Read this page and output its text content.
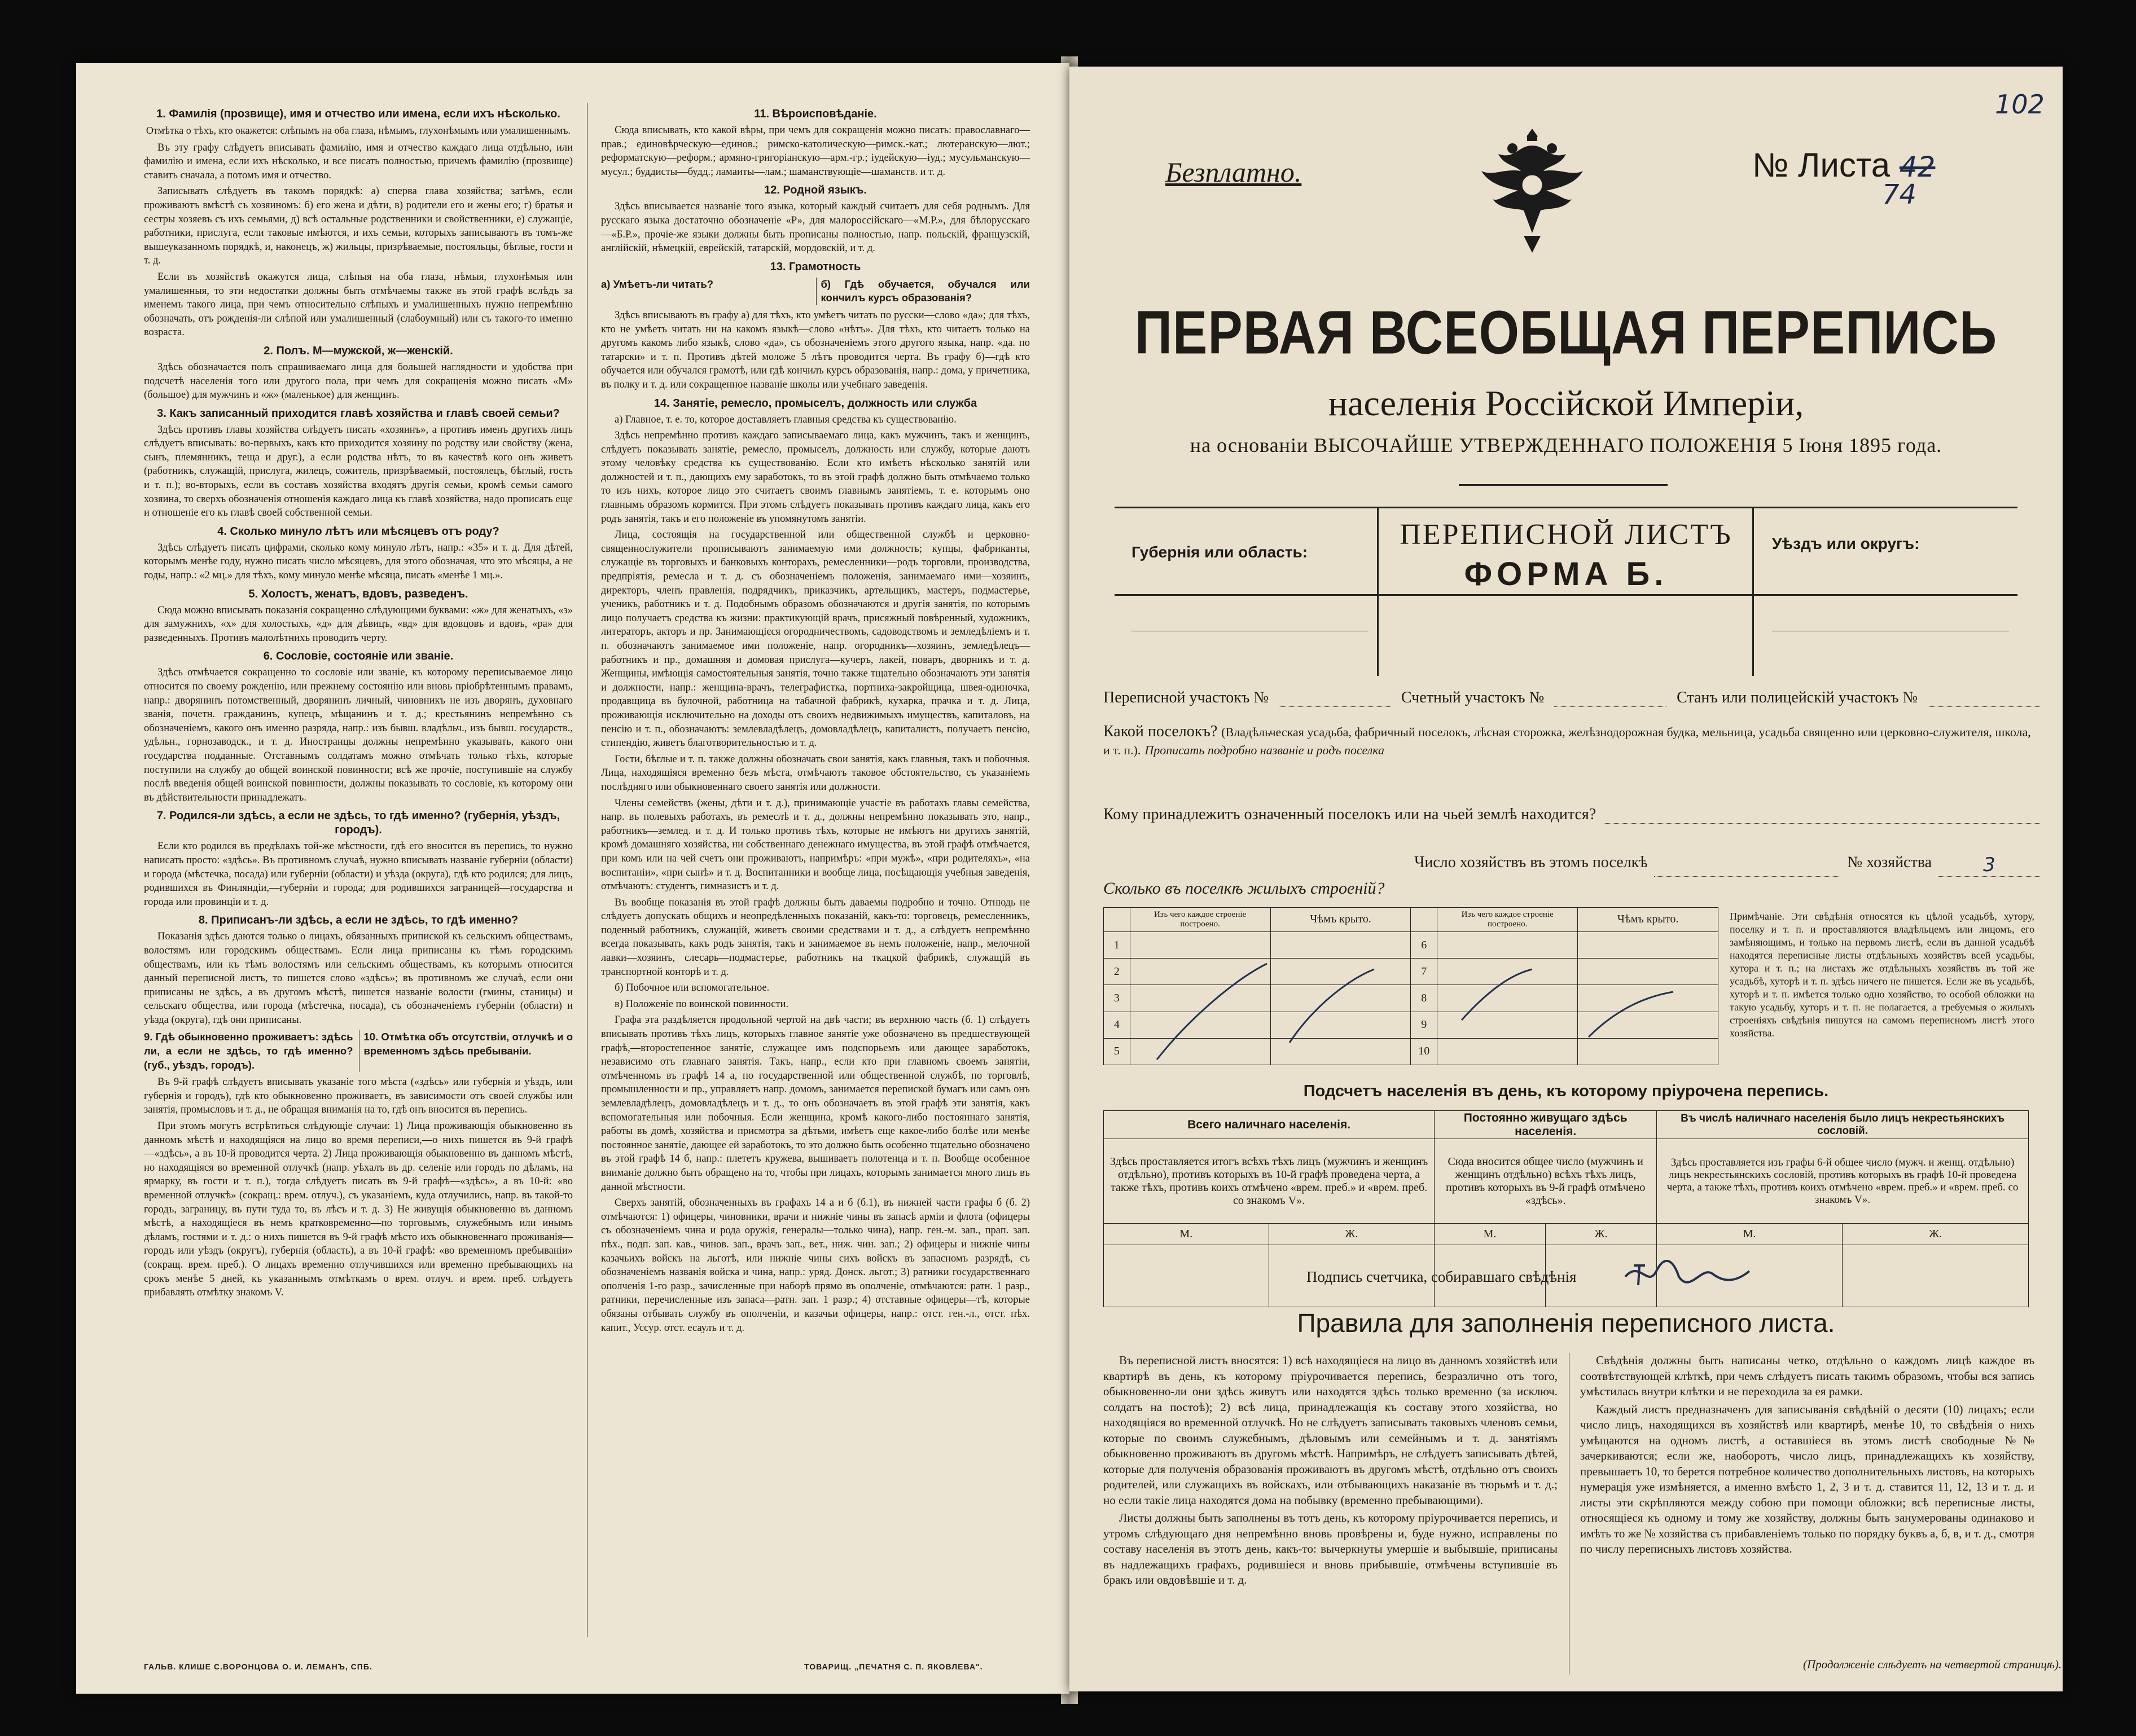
1. Фамилія (прозвище), имя и отчество или имена, если ихъ нѣсколько.
Отмѣтка о тѣхъ, кто окажется: слѣпымъ на оба глаза, нѣмымъ, глухонѣмымъ или умалишеннымъ.

Въ эту графу слѣдуетъ вписывать фамилію, имя и отчество каждаго лица отдѣльно, или фамилію и имена, если ихъ нѣсколько, и все писать полностью, причемъ фамилію (прозвище) ставить сначала, а потомъ имя и отчество.

Записывать слѣдуетъ въ такомъ порядкѣ: а) сперва глава хозяйства; затѣмъ, если проживаютъ вмѣстѣ съ хозяиномъ: б) его жена и дѣти, в) родители его и жены его; г) братья и сестры хозяевъ съ ихъ семьями, д) всѣ остальные родственники и свойственники, е) служащіе, работники, прислуга, если таковые имѣются, и ихъ семьи, которыхъ записываютъ въ томъ-же вышеуказанномъ порядкѣ, и, наконецъ, ж) жильцы, призрѣваемые, постояльцы, бѣглые, гости и т. д.

Если въ хозяйствѣ окажутся лица, слѣпыя на оба глаза, нѣмыя, глухонѣмыя или умалишенныя, то эти недостатки должны быть отмѣчаемы также въ этой графѣ вслѣдъ за именемъ такого лица, при чемъ относительно слѣпыхъ и умалишенныхъ нужно непремѣнно обозначать, отъ рожденія-ли слѣпой или умалишенный (слабоумный) или съ такого-то именно возраста.

2. Полъ. М—мужской, ж—женскій.

Здѣсь обозначается полъ спрашиваемаго лица для большей наглядности и удобства при подсчетѣ населенія того или другого пола, при чемъ для сокращенія можно писать «М» (большое) для мужчинъ и «ж» (маленькое) для женщинъ.

3. Какъ записанный приходится главѣ хозяйства и главѣ своей семьи?

Здѣсь противъ главы хозяйства слѣдуетъ писать «хозяинъ», а противъ именъ другихъ лицъ слѣдуетъ вписывать: во-первыхъ, какъ кто приходится хозяину по родству или свойству (жена, сынъ, племянникъ, теща и друг.), а если родства нѣтъ, то въ качествѣ кого онъ живетъ (работникъ, служащій, прислуга, жилецъ, сожитель, призрѣваемый, постоялецъ, бѣглый, гость и т. п.); во-вторыхъ, если въ составъ хозяйства входятъ другія семьи, кромѣ семьи самого хозяина, то сверхъ обозначенія отношенія каждаго лица къ главѣ хозяйства, надо прописать еще и отношеніе его къ главѣ своей собственной семьи.

4. Сколько минуло лѣтъ или мѣсяцевъ отъ роду?

Здѣсь слѣдуетъ писать цифрами, сколько кому минуло лѣтъ, напр.: «35» и т. д. Для дѣтей, которымъ менѣе году, нужно писать число мѣсяцевъ, для этого обозначая, что это мѣсяцы, а не годы, напр.: «2 мц.» для тѣхъ, кому минуло менѣе мѣсяца, писать «менѣе 1 мц.».

5. Холостъ, женатъ, вдовъ, разведенъ.

Сюда можно вписывать показанія сокращенно слѣдующими буквами: «ж» для женатыхъ, «з» для замужнихъ, «х» для холостыхъ, «д» для дѣвицъ, «вд» для вдовцовъ и вдовъ, «ра» для разведенныхъ. Противъ малолѣтнихъ проводить черту.

6. Сословіе, состояніе или званіе.

Здѣсь отмѣчается сокращенно то сословіе или званіе, къ которому переписываемое лицо относится по своему рожденію, или прежнему состоянію или вновь пріобрѣтеннымъ правамъ, напр.: дворянинъ потомственный, дворянинъ личный, чиновникъ не изъ дворянъ, духовнаго званія, почетн. гражданинъ, купецъ, мѣщанинъ и т. д.; крестьянинъ непремѣнно съ обозначеніемъ, какого онъ именно разряда, напр.: изъ бывш. владѣльч., изъ бывш. государств., удѣльн., горнозаводск., и т. д. Иностранцы должны непремѣнно указывать, какого они государства подданные. Отставнымъ солдатамъ можно отмѣчать только тѣхъ, которые поступили на службу до общей воинской повинности; всѣ же прочіе, поступившіе на службу послѣ введенія общей воинской повинности, должны показывать то сословіе, къ которому они въ дѣйствительности принадлежатъ.

7. Родился-ли здѣсь, а если не здѣсь, то гдѣ именно? (губернія, уѣздъ, городъ).

Если кто родился въ предѣлахъ той-же мѣстности, гдѣ его вносится въ перепись, то нужно написать просто: «здѣсь». Въ противномъ случаѣ, нужно вписывать названіе губерніи (области) и города (мѣстечка, посада) или губерніи (области) и уѣзда (округа), гдѣ кто родился; для лицъ, родившихся въ Финляндіи,—губерніи и города; для родившихся заграницей—государства и города или провинціи и т. д.

8. Приписанъ-ли здѣсь, а если не здѣсь, то гдѣ именно?

Показанія здѣсь даются только о лицахъ, обязанныхъ припиской къ сельскимъ обществамъ, волостямъ или городскимъ обществамъ. Если лица приписаны къ тѣмъ городскимъ обществамъ, или къ тѣмъ волостямъ или сельскимъ обществамъ, къ которымъ относится данный переписной листъ, то пишется слово «здѣсь»; въ противномъ же случаѣ, если они приписаны не здѣсь, а въ другомъ мѣстѣ, пишется названіе волости (гмины, станицы) и сельскаго общества, или города (мѣстечка, посада), съ обозначеніемъ губерніи (области) и уѣзда (округа), гдѣ они приписаны.

9. Гдѣ обыкновенно проживаетъ: здѣсь ли, а если не здѣсь, то гдѣ именно? (губ., уѣздъ, городъ).
10. Отмѣтка объ отсутствіи, отлучкѣ и о временномъ здѣсь пребываніи.

Въ 9-й графѣ слѣдуетъ вписывать указаніе того мѣста («здѣсь» или губернія и уѣздъ, или губернія и городъ), гдѣ кто обыкновенно проживаетъ, въ зависимости отъ своей службы или занятія, промысловъ и т. д., не обращая вниманія на то, гдѣ онъ вносится въ перепись.

При этомъ могутъ встрѣтиться слѣдующіе случаи: 1) Лица проживающія обыкновенно въ данномъ мѣстѣ и находящіяся на лицо во время переписи,—о нихъ пишется въ 9-й графѣ—«здѣсь», а въ 10-й проводится черта. 2) Лица проживающія обыкновенно въ данномъ мѣстѣ, но находящіяся во временной отлучкѣ (напр. уѣхалъ въ др. селеніе или городъ по дѣламъ, на ярмарку, въ гости и т. п.), тогда слѣдуетъ писать въ 9-й графѣ—«здѣсь», а въ 10-й: «во временной отлучкѣ» (сокращ.: врем. отлуч.), съ указаніемъ, куда отлучились, напр. въ такой-то городъ, заграницу, въ пути туда то, въ лѣсъ и т. д. 3) Не живущія обыкновенно въ данномъ мѣстѣ, а находящіеся въ немъ кратковременно—по торговымъ, служебнымъ или инымъ дѣламъ, гостями и т. д.: о нихъ пишется въ 9-й графѣ мѣсто ихъ обыкновеннаго проживанія—городъ или уѣздъ (округъ), губернія (область), а въ 10-й графѣ: «во временномъ пребываніи» (сокращ. врем. преб.). О лицахъ временно отлучившихся или временно пребывающихъ на срокъ менѣе 5 дней, къ указаннымъ отмѣткамъ о врем. отлуч. и врем. преб. слѣдуетъ прибавлять отмѣтку знакомъ V.

11. Вѣроисповѣданіе.

Сюда вписывать, кто какой вѣры, при чемъ для сокращенія можно писать: православнаго—прав.; единовѣрческую—единов.; римско-католическую—римск.-кат.; лютеранскую—лют.; реформатскую—реформ.; армяно-григоріанскую—арм.-гр.; іудейскую—іуд.; мусульманскую—мусул.; буддисты—будд.; ламаиты—лам.; шаманствующіе—шаманств. и т. д.

12. Родной языкъ.

Здѣсь вписывается названіе того языка, который каждый считаетъ для себя роднымъ. Для русскаго языка достаточно обозначеніе «Р», для малороссійскаго—«М.Р.», для бѣлорусскаго—«Б.Р.», прочіе-же языки должны быть прописаны полностью, напр. польскій, французскій, англійскій, нѣмецкій, еврейскій, татарскій, мордовскій, и т. д.

13. Грамотность
а) Умѣетъ-ли читать?	б) Гдѣ обучается, обучался или кончилъ курсъ образованія?

Здѣсь вписывають въ графу а) для тѣхъ, кто умѣетъ читать по русски—слово «да»; для тѣхъ, кто не умѣетъ читать ни на какомъ языкѣ—слово «нѣтъ». Для тѣхъ, кто читаетъ только на другомъ какомъ либо языкѣ, слово «да», съ обозначеніемъ этого другого языка, напр. «да. по татарски» и т. п. Противъ дѣтей моложе 5 лѣтъ проводится черта. Въ графу б)—гдѣ кто обучается или обучался грамотѣ, или гдѣ кончилъ курсъ образованія, напр.: дома, у причетника, въ полку и т. д. или сокращенное названіе школы или учебнаго заведенія.

14. Занятіе, ремесло, промыселъ, должность или служба

а) Главное, т. е. то, которое доставляетъ главныя средства къ существованію.

Здѣсь непремѣнно противъ каждаго записываемаго лица, какъ мужчинъ, такъ и женщинъ, слѣдуетъ показывать занятіе, ремесло, промыселъ, должность или службу, которые даютъ этому человѣку средства къ существованію. Если кто имѣетъ нѣсколько занятій или должностей и т. п., дающихъ ему заработокъ, то въ этой графѣ должно быть отмѣчаемо только то изъ нихъ, которое лицо это считаетъ своимъ главнымъ занятіемъ, т. е. которымъ оно главнымъ образомъ кормится. При этомъ слѣдуетъ показывать противъ каждаго лица, какъ его родъ занятія, такъ и его положеніе въ упомянутомъ занятіи.

Лица, состоящія на государственной или общественной службѣ и церковно-священнослужители прописываютъ занимаемую ими должность; купцы, фабриканты, служащіе въ торговыхъ и банковыхъ конторахъ, ремесленники—родъ торговли, производства, предпріятія, ремесла и т. д. съ обозначеніемъ положенія, занимаемаго ими—хозяинъ, директоръ, членъ правленія, подрядчикъ, приказчикъ, артельщикъ, мастеръ, подмастерье, ученикъ, работникъ и т. д. Подобнымъ образомъ обозначаются и другія занятія, по которымъ лицо получаетъ средства къ жизни: практикующій врачъ, присяжный повѣренный, художникъ, литераторъ, акторъ и пр. Занимающієся огородничествомъ, садоводствомъ и земледѣліемъ и т. п. обозначаютъ занимаемое ими положеніе, напр. огородникъ—хозяинъ, земледѣлецъ—работникъ и пр., домашняя и домовая прислуга—кучеръ, лакей, поваръ, дворникъ и т. д. Женщины, имѣющія самостоятельныя занятія, точно также тщательно обозначаютъ эти занятія и должности, напр.: женщина-врачъ, телеграфистка, портниха-закройщица, швея-одиночка, продавщица въ булочной, работница на табачной фабрикѣ, кухарка, прачка и т. д. Лица, проживающія исключительно на доходы отъ своихъ недвижимыхъ имуществъ, капиталовъ, на пенсію и т. п., обозначаютъ: землевладѣлецъ, домовладѣлецъ, капиталистъ, получаетъ пенсію, стипендію, живетъ благотворительностью и т. д.

Гости, бѣглые и т. п. также должны обозначать свои занятія, какъ главныя, такъ и побочныя. Лица, находящіяся временно безъ мѣста, отмѣчаютъ таковое обстоятельство, съ указаніемъ послѣдняго или обыкновеннаго своего занятія или должности.

Члены семействъ (жены, дѣти и т. д.), принимающіе участіе въ работахъ главы семейства, напр. въ полевыхъ работахъ, въ ремеслѣ и т. д., должны непремѣнно показывать это, напр., работникъ—землед. и т. д. И только противъ тѣхъ, которые не имѣютъ ни другихъ занятій, кромѣ домашняго хозяйства, ни собственнаго денежнаго имущества, въ этой графѣ отмѣчается, при комъ или на чей счетъ они проживаютъ, напримѣръ: «при мужѣ», «при родителяхъ», «на воспитаніи», «при сынѣ» и т. д. Воспитанники и вообще лица, посѣщающія учебныя заведенія, отмѣчаютъ: студентъ, гимназистъ и т. д.

Въ вообще показанія въ этой графѣ должны быть даваемы подробно и точно. Отнюдь не слѣдуетъ допускать общихъ и неопредѣленныхъ показаній, какъ-то: торговецъ, ремесленникъ, поденный работникъ, служащій, живетъ своими средствами и т. д., а слѣдуетъ непремѣнно всегда показывать, какъ родъ занятія, такъ и занимаемое въ немъ положеніе, напр., мелочной лавки—хозяинъ, слесарь—подмастерье, работникъ на ткацкой фабрикѣ, служащій въ транспортной конторѣ и т. д.

б) Побочное или вспомогательное.

в) Положеніе по воинской повинности.

Графа эта раздѣляется продольной чертой на двѣ части; въ верхнюю часть (б. 1) слѣдуетъ вписывать противъ тѣхъ лицъ, которыхъ главное занятіе уже обозначено въ предшествующей графѣ,—второстепенное занятіе, служащее имъ подспорьемъ или дающее заработокъ, независимо отъ главнаго занятія. Такъ, напр., если кто при главномъ своемъ занятіи, отмѣченномъ въ графѣ 14 а, по государственной или общественной службѣ, по торговлѣ, промышленности и пр., управляетъ напр. домомъ, занимается перепиской бумагъ или самъ онъ землевладѣлецъ, домовладѣлецъ и т. д., то онъ обозначаетъ въ этой графѣ эти занятія, какъ вспомогательныя или побочныя. Если женщина, кромѣ какого-либо постояннаго занятія, работы въ домѣ, хозяйства и присмотра за дѣтьми, имѣетъ еще какое-либо болѣе или менѣе постоянное занятіе, дающее ей заработокъ, то это должно быть особенно тщательно обозначено въ этой графѣ 14 б, напр.: плететъ кружева, вышиваетъ полотенца и т. п. Вообще особенное вниманіе должно быть обращено на то, чтобы при лицахъ, которымъ занимается много лицъ въ данной мѣстности.

Сверхъ занятій, обозначенныхъ въ графахъ 14 а и б (б.1), въ нижней части графы б (б. 2) отмѣчаются: 1) офицеры, чиновники, врачи и нижніе чины въ запасѣ арміи и флота (офицеры съ обозначеніемъ чина и рода оружія, генералы—только чина), напр. ген.-м. зап., прап. зап. пѣх., подп. зап. кав., чинов. зап., врачъ зап., вет., ниж. чин. зап.; 2) офицеры и нижніе чины казачьихъ войскъ на льготѣ, или нижніе чины сихъ войскъ въ запасномъ разрядѣ, съ обозначеніемъ названія войска и чина, напр.: уряд. Донск. льгот.; 3) ратники государственнаго ополченія 1-го разр., зачисленные при наборѣ прямо въ ополченіе, отмѣчаются: ратн. 1 разр., ратники, перечисленные изъ запаса—ратн. зап. 1 разр.; 4) отставные офицеры—тѣ, которые обязаны отбывать службу въ ополченіи, и казачьи офицеры, напр.: отст. ген.-л., отст. пѣх. капит., Уссур. отст. есаулъ и т. д.

ГАЛЬВ. КЛИШЕ С.ВОРОНЦОВА О. И. ЛЕМАНЪ, СПБ.	ТОВАРИЩ. „ПЕЧАТНЯ С. П. ЯКОВЛЕВА".
102
Безплатно.	№ Листа 42
74
ПЕРВАЯ ВСЕОБЩАЯ ПЕРЕПИСЬ
населенія Россійской Имперіи,
на основаніи ВЫСОЧАЙШЕ УТВЕРЖДЕННАГО ПОЛОЖЕНІЯ 5 Іюня 1895 года.
ПЕРЕПИСНОЙ ЛИСТЪ
ФОРМА Б.
Губернія или область:	Уѣздъ или округъ:
Переписной участокъ №	Счетный участокъ №	Станъ или полицейскій участокъ №
Какой поселокъ? (Владѣльческая усадьба, фабричный поселокъ, лѣсная сторожка, желѣзнодорожная будка, мельница, усадьба священно или церковно-служителя, школа, и т. п.). Прописать подробно названіе и родъ поселка
Кому принадлежитъ означенный поселокъ или на чьей землѣ находится?
Число хозяйствъ въ этомъ поселкѣ	№ хозяйства	3
Сколько въ поселкѣ жилыхъ строеній?
	Изъ чего каждое строеніе построено.	Чѣмъ крыто.		Изъ чего каждое строеніе построено.	Чѣмъ крыто.
1			6		
2			7		
3			8		
4			9		
5			10		
Примѣчаніе. Эти свѣдѣнія относятся къ цѣлой усадьбѣ, хутору, поселку и т. п. и проставляются владѣльцемъ или лицомъ, его замѣняющимъ, и только на первомъ листѣ, если въ данной усадьбѣ находятся переписные листы отдѣльныхъ хозяйствъ всей усадьбы, хутора и т. п.; на листахъ же отдѣльныхъ хозяйствъ въ той же усадьбѣ, хуторѣ и т. п. здѣсь ничего не пишется. Если же въ усадьбѣ, хуторѣ и т. п. имѣется только одно хозяйство, то особой обложки на такую усадьбу, хуторъ и т. п. не полагается, а требуемыя о жилыхъ строеніяхъ свѣдѣнія пишутся на самомъ переписномъ листѣ этого хозяйства.
Подсчетъ населенія въ день, къ которому пріурочена перепись.
Всего наличнаго населенія.		Постоянно живущаго здѣсь населенія.		Въ числѣ наличнаго населенія было лицъ некрестьянскихъ сословій.	
Здѣсь проставляется итогъ всѣхъ тѣхъ лицъ (мужчинъ и женщинъ отдѣльно), противъ которыхъ въ 10-й графѣ проведена черта, а также тѣхъ, противъ коихъ отмѣчено «врем. преб.» и «врем. преб. со знакомъ V».		Сюда вносится общее число (мужчинъ и женщинъ отдѣльно) всѣхъ тѣхъ лицъ, противъ которыхъ въ 9-й графѣ отмѣчено «здѣсь».		Здѣсь проставляется изъ графы 6-й общее число (мужч. и женщ. отдѣльно) лицъ некрестьянскихъ сословій, противъ которыхъ въ графѣ 10-й проведена черта, а также тѣхъ, противъ коихъ отмѣчено «врем. преб.» и «врем. преб. со знакомъ V».	
М.	Ж.	М.	Ж.	М.	Ж.

Подпись счетчика, собиравшаго свѣдѣнія
Правила для заполненія переписного листа.

Въ переписной листъ вносятся: 1) всѣ находящіеся на лицо въ данномъ хозяйствѣ или квартирѣ въ день, къ которому пріурочивается перепись, безразлично отъ того, обыкновенно-ли они здѣсь живутъ или находятся здѣсь только временно (за исключ. солдатъ на постоѣ); 2) всѣ лица, принадлежащія къ составу этого хозяйства, но находящіяся во временной отлучкѣ. Но не слѣдуетъ записывать таковыхъ членовъ семьи, которые по своимъ служебнымъ, дѣловымъ или семейнымъ и т. д. занятіямъ обыкновенно проживаютъ въ другомъ мѣстѣ. Напримѣръ, не слѣдуетъ записывать дѣтей, которые для полученія образованія проживаютъ въ другомъ мѣстѣ, отдѣльно отъ своихъ родителей, или служащихъ въ войскахъ, или отбывающихъ наказаніе въ тюрьмѣ и т. д.; но если такіе лица находятся дома на побывку (временно пребывающими).

Листы должны быть заполнены въ тотъ день, къ которому пріурочивается перепись, и утромъ слѣдующаго дня непремѣнно вновь провѣрены и, буде нужно, исправлены по составу населенія въ этотъ день, какъ-то: вычеркнуты умершіе и выбывшіе, приписаны въ надлежащихъ графахъ, родившіеся и вновь прибывшіе, отмѣчены вступившіе въ бракъ или овдовѣвшіе и т. д.

Свѣдѣнія должны быть написаны четко, отдѣльно о каждомъ лицѣ каждое въ соотвѣтствующей клѣткѣ, при чемъ слѣдуетъ писать такимъ образомъ, чтобы вся запись умѣстилась внутри клѣтки и не переходила за ея рамки.

Каждый листъ предназначенъ для записыванія свѣдѣній о десяти (10) лицахъ; если число лицъ, находящихся въ хозяйствѣ или квартирѣ, менѣе 10, то свѣдѣнія о нихъ умѣщаются на одномъ листѣ, а оставшіеся въ этомъ листѣ свободные №№ зачеркиваются; если же, наоборотъ, число лицъ, принадлежащихъ къ хозяйству, превышаетъ 10, то берется потребное количество дополнительныхъ листовъ, на которыхъ нумерація уже измѣняется, а именно вмѣсто 1, 2, 3 и т. д. ставится 11, 12, 13 и т. д. и листы эти скрѣпляются между собою при помощи обложки; всѣ переписные листы, относящіеся къ одному и тому же хозяйству, должны быть занумерованы одинаково и имѣть то же № хозяйства съ прибавленіемъ только по порядку буквъ а, б, в, и т. д., смотря по числу переписныхъ листовъ хозяйства.

(Продолженіе слѣдуетъ на четвертой страницѣ).
